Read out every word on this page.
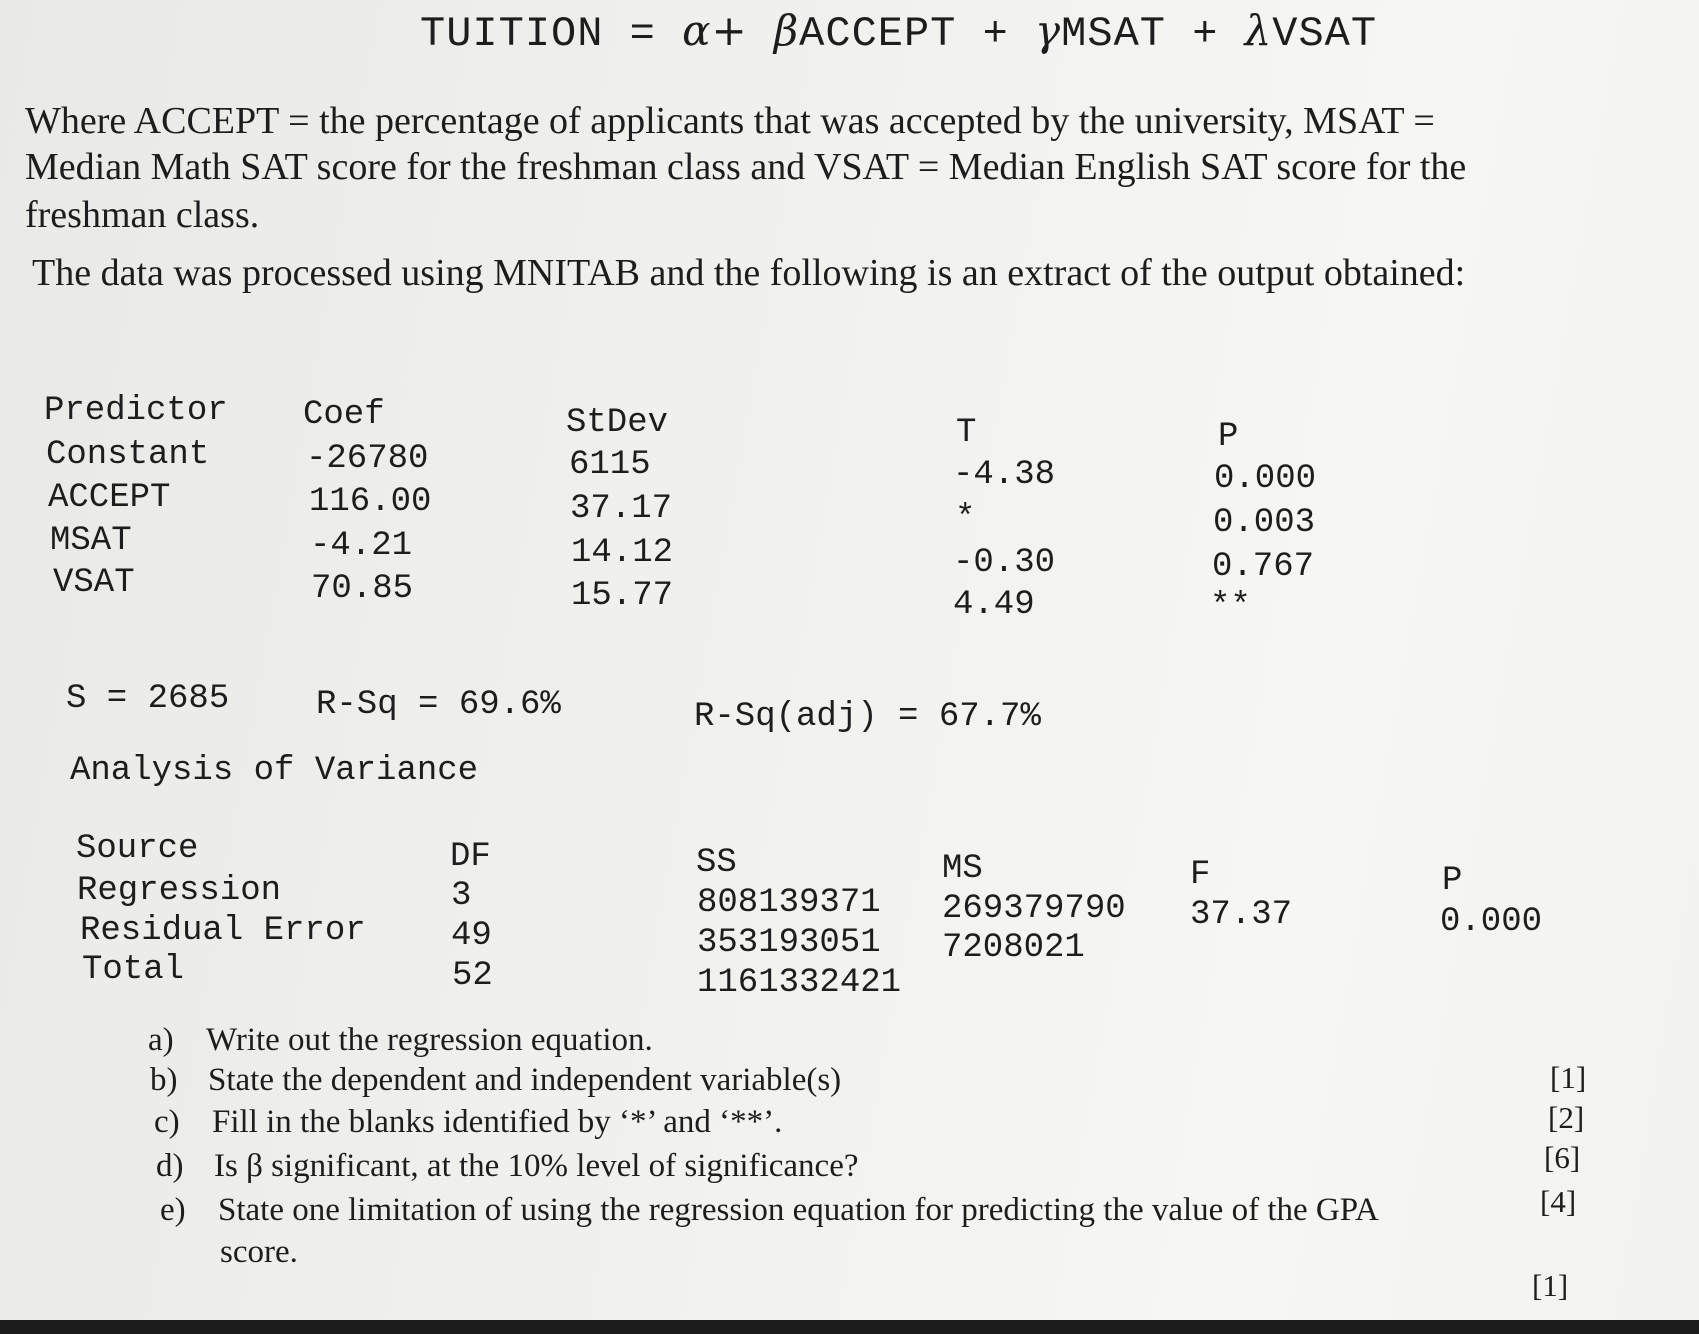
TUITION = α+ βACCEPT + γMSAT + λVSAT
Where ACCEPT = the percentage of applicants that was accepted by the university, MSAT =
Median Math SAT score for the freshman class and VSAT = Median English SAT score for the
freshman class.
The data was processed using MNITAB and the following is an extract of the output obtained:
Predictor Coef	StDev	T	P
Constant	-26780	6115	-4.38	0.000
ACCEPT	116.00	37.17	*	0.003
MSAT	-4.21	14.12	-0.30	0.767
VSAT	70.85	15.77	4.49	**
S = 2685	R-Sq = 69.6%	R-Sq(adj) = 67.7%
Analysis of Variance
Source	DF	SS	MS	F	P
Regression	3	808139371 269379790 37.37	0.000
Residual Error	49	353193051 7208021
Total	52	1161332421
a) Write out the regression equation.
b) State the dependent and independent variable(s)
c) Fill in the blanks identified by ‘*’ and ‘**’.
d) Is β significant, at the 10% level of significance?
e) State one limitation of using the regression equation for predicting the value of the GPA
score.
[1]
[2]
[6]
[4]
[1]
